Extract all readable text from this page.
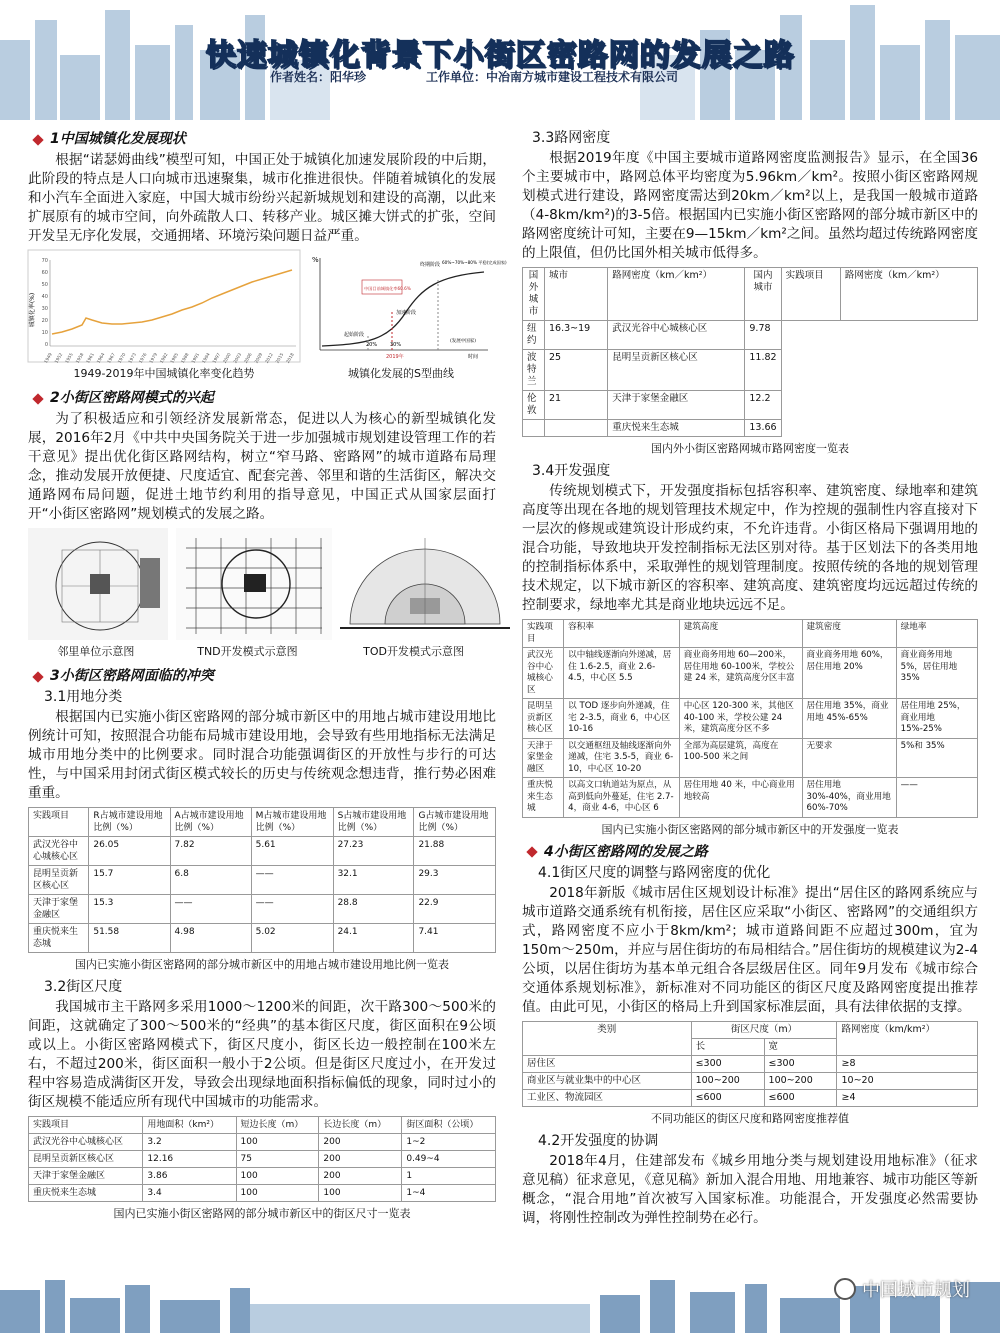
快速城镇化背景下小街区密路网的发展之路
作者姓名：阳华珍	工作单位：中冶南方城市建设工程技术有限公司
1中国城镇化发展现状

根据“诺瑟姆曲线”模型可知，中国正处于城镇化加速发展阶段的中后期，此阶段的特点是人口向城市迅速聚集，城市化推进很快。伴随着城镇化的发展和小汽车全面进入家庭，中国大城市纷纷兴起新城规划和建设的高潮，以此来扩展原有的城市空间，向外疏散人口、转移产业。城区摊大饼式的扩张，空间开发呈无序化发展，交通拥堵、环境污染问题日益严重。

城镇化率(%)
70
60
50
40
30
20
10
0
1949 1952 1955 1958 1961 1964 1967 1970 1973 1976 1979 1982 1985 1988 1991 1994 1997 2000 2003 2006 2009 2012 2015 2018
%
中国目前城镇化率60.6%
终期阶段 60%~70%~80% 平稳(完成国家)
加速阶段
起始阶段
20%	30%
2019年
(发展中国家)
时间
1949-2019年中国城镇化率变化趋势	城镇化发展的S型曲线
2小街区密路网模式的兴起

为了积极适应和引领经济发展新常态，促进以人为核心的新型城镇化发展，2016年2月《中共中央国务院关于进一步加强城市规划建设管理工作的若干意见》提出优化街区路网结构，树立“窄马路、密路网”的城市道路布局理念，推动发展开放便捷、尺度适宜、配套完善、邻里和谐的生活街区，解决交通路网布局问题，促进土地节约利用的指导意见，中国正式从国家层面打开“小街区密路网”规划模式的发展之路。

邻里单位示意图	TND开发模式示意图	TOD开发模式示意图
3小街区密路网面临的冲突
3.1用地分类

根据国内已实施小街区密路网的部分城市新区中的用地占城市建设用地比例统计可知，按照混合功能布局城市建设用地，会导致有些用地指标无法满足城市用地分类中的比例要求。同时混合功能强调街区的开放性与步行的可达性，与中国采用封闭式街区模式较长的历史与传统观念想违背，推行势必困难重重。

实践项目	R占城市建设用地比例（%）	A占城市建设用地比例（%）	M占城市建设用地比例（%）	S占城市建设用地比例（%）	G占城市建设用地比例（%）
武汉光谷中心城核心区	26.05	7.82	5.61	27.23	21.88
昆明呈贡新区核心区	15.7	6.8	——	32.1	29.3
天津于家堡金融区	15.3	——	——	28.8	22.9
重庆悦来生态城	51.58	4.98	5.02	24.1	7.41
国内已实施小街区密路网的部分城市新区中的用地占城市建设用地比例一览表
3.2街区尺度

我国城市主干路网多采用1000～1200米的间距，次干路300～500米的间距，这就确定了300～500米的“经典”的基本街区尺度，街区面积在9公顷或以上。小街区密路网模式下，街区尺度小，街区长边一般控制在100米左右，不超过200米，街区面积一般小于2公顷。但是街区尺度过小，在开发过程中容易造成满街区开发，导致会出现绿地面积指标偏低的现象，同时过小的街区规模不能适应所有现代中国城市的功能需求。

实践项目	用地面积（km²）	短边长度（m）	长边长度（m）	街区面积（公顷）
武汉光谷中心城核心区	3.2	100	200	1~2
昆明呈贡新区核心区	12.16	75	200	0.49~4
天津于家堡金融区	3.86	100	200	1
重庆悦来生态城	3.4	100	100	1~4
国内已实施小街区密路网的部分城市新区中的街区尺寸一览表
3.3路网密度

根据2019年度《中国主要城市道路网密度监测报告》显示，在全国36个主要城市中，路网总体平均密度为5.96km／km²。按照小街区密路网规划模式进行建设，路网密度需达到20km／km²以上，是我国一般城市道路（4-8km/km²)的3-5倍。根据国内已实施小街区密路网的部分城市新区中的路网密度统计可知，主要在9—15km／km²之间。虽然均超过传统路网密度的上限值，但仍比国外相关城市低得多。

国外城市	城市	路网密度（km／km²）	国内城市	实践项目	路网密度（km／km²）
纽约	16.3~19	武汉光谷中心城核心区	9.78		
波特兰	25	昆明呈贡新区核心区	11.82		
伦敦	21	天津于家堡金融区	12.2		
		重庆悦来生态城	13.66		
国内外小街区密路网城市路网密度一览表
3.4开发强度

传统规划模式下，开发强度指标包括容积率、建筑密度、绿地率和建筑高度等出现在各地的规划管理技术规定中，作为控规的强制性内容直接对下一层次的修规或建筑设计形成约束，不允许违背。小街区格局下强调用地的混合功能，导致地块开发控制指标无法区别对待。基于区划法下的各类用地的控制指标体系中，采取弹性的规划管理制度。按照传统的各地的规划管理技术规定，以下城市新区的容积率、建筑高度、建筑密度均远远超过传统的控制要求，绿地率尤其是商业地块远远不足。

实践项目	容积率	建筑高度	建筑密度	绿地率
武汉光谷中心城核心区	以中轴线逐渐向外递减，居住 1.6-2.5，商业 2.6-4.5，中心区 5.5	商业商务用地 60—200米，居住用地 60-100米，学校公建 24 米，建筑高度分区丰富	商业商务用地 60%，居住用地 20%	商业商务用地 5%，居住用地 35%
昆明呈贡新区核心区	以 TOD 逐步向外递减，住宅 2-3.5，商业 6，中心区 10-16	中心区 120-300 米，其他区 40-100 米，学校公建 24 米，建筑高度分区不多	居住用地 35%，商业用地 45%-65%	居住用地 25%，商业用地 15%-25%
天津于家堡金融区	以交通枢纽及轴线逐渐向外递减，住宅 3.5-5，商业 6-10，中心区 10-20	全部为高层建筑，高度在 100-500 米之间	无要求	5%和 35%
重庆悦来生态城	以高文口轨道站为原点，从高到低向外蔓延，住宅 2.7-4，商业 4-6，中心区 6	居住用地 40 米，中心商业用地较高	居住用地 30%-40%，商业用地 60%-70%	——
国内已实施小街区密路网的部分城市新区中的开发强度一览表
4小街区密路网的发展之路
4.1街区尺度的调整与路网密度的优化

2018年新版《城市居住区规划设计标准》提出“居住区的路网系统应与城市道路交通系统有机衔接，居住区应采取“小街区、密路网”的交通组织方式，路网密度不应小于8km/km²；城市道路间距不应超过300m，宜为150m～250m，并应与居住街坊的布局相结合。”居住街坊的规模建议为2-4公顷，以居住街坊为基本单元组合各层级居住区。同年9月发布《城市综合交通体系规划标准》，新标准对不同功能区的街区尺度及路网密度提出推荐值。由此可见，小街区的格局上升到国家标准层面，具有法律依据的支撑。

类别	街区尺度（m）		路网密度（km/km²）
	长	宽	
居住区	≤300	≤300	≥8
商业区与就业集中的中心区	100~200	100~200	10~20
工业区、物流园区	≤600	≤600	≥4
不同功能区的街区尺度和路网密度推荐值
4.2开发强度的协调

2018年4月，住建部发布《城乡用地分类与规划建设用地标准》（征求意见稿）征求意见，《意见稿》新加入混合用地、用地兼容、城市功能区等新概念，“混合用地”首次被写入国家标准。功能混合，开发强度必然需要协调，将刚性控制改为弹性控制势在必行。

中国城市规划
